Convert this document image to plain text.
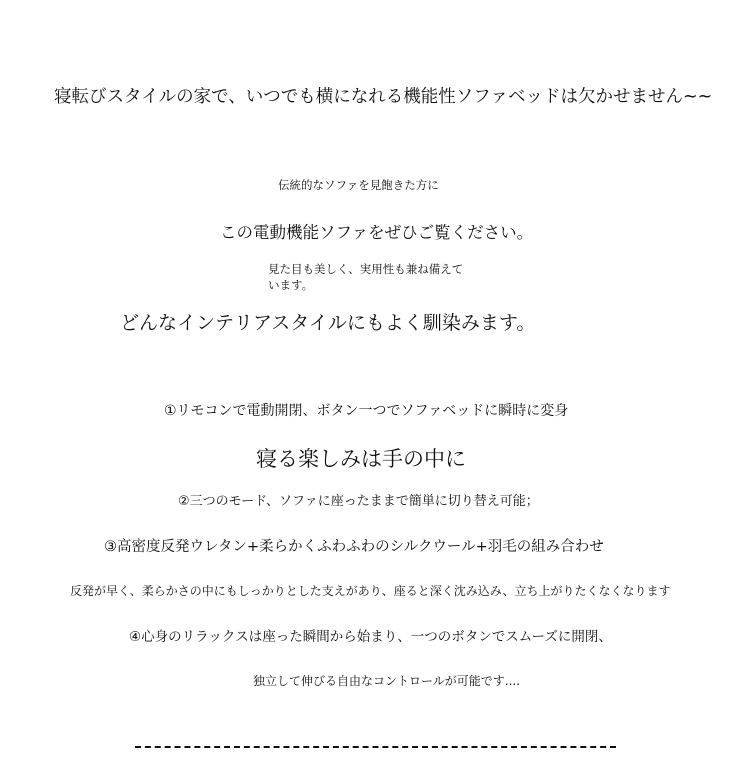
寝転びスタイルの家で、いつでも横になれる機能性ソファベッドは欠かせません~~
伝統的なソファを見飽きた方に
この電動機能ソファをぜひご覧ください。
見た目も美しく、実用性も兼ね備えています。
どんなインテリアスタイルにもよく馴染みます。
①リモコンで電動開閉、ボタン一つでソファベッドに瞬時に変身
寝る楽しみは手の中に
②三つのモード、ソファに座ったままで簡単に切り替え可能；
③高密度反発ウレタン+柔らかくふわふわのシルクウール+羽毛の組み合わせ
反発が早く、柔らかさの中にもしっかりとした支えがあり、座ると深く沈み込み、立ち上がりたくなくなります
④心身のリラックスは座った瞬間から始まり、一つのボタンでスムーズに開閉、
独立して伸びる自由なコントロールが可能です....
